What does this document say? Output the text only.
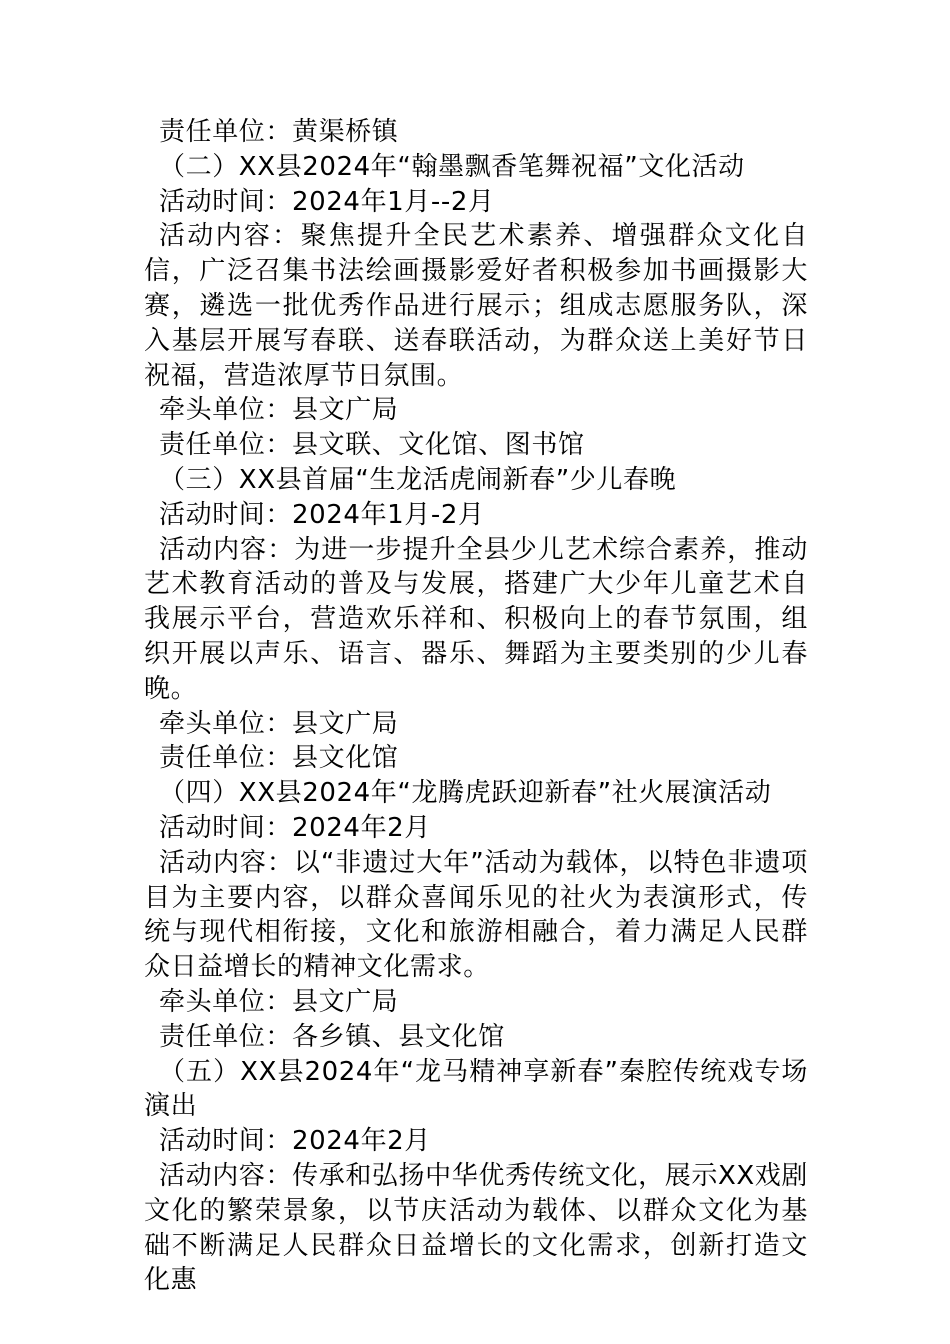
责任单位：黄渠桥镇

（二）XX县2024年“翰墨飘香笔舞祝福”文化活动

活动时间：2024年1月--2月

活动内容：聚焦提升全民艺术素养、增强群众文化自信，广泛召集书法绘画摄影爱好者积极参加书画摄影大赛，遴选一批优秀作品进行展示；组成志愿服务队，深入基层开展写春联、送春联活动，为群众送上美好节日祝福，营造浓厚节日氛围。

牵头单位：县文广局

责任单位：县文联、文化馆、图书馆

（三）XX县首届“生龙活虎闹新春”少儿春晚

活动时间：2024年1月-2月

活动内容：为进一步提升全县少儿艺术综合素养，推动艺术教育活动的普及与发展，搭建广大少年儿童艺术自我展示平台，营造欢乐祥和、积极向上的春节氛围，组织开展以声乐、语言、器乐、舞蹈为主要类别的少儿春晚。

牵头单位：县文广局

责任单位：县文化馆

（四）XX县2024年“龙腾虎跃迎新春”社火展演活动

活动时间：2024年2月

活动内容：以“非遗过大年”活动为载体，以特色非遗项目为主要内容，以群众喜闻乐见的社火为表演形式，传统与现代相衔接，文化和旅游相融合，着力满足人民群众日益增长的精神文化需求。

牵头单位：县文广局

责任单位：各乡镇、县文化馆

（五）XX县2024年“龙马精神享新春”秦腔传统戏专场演出

活动时间：2024年2月

活动内容：传承和弘扬中华优秀传统文化，展示XX戏剧文化的繁荣景象，以节庆活动为载体、以群众文化为基础不断满足人民群众日益增长的文化需求，创新打造文化惠
